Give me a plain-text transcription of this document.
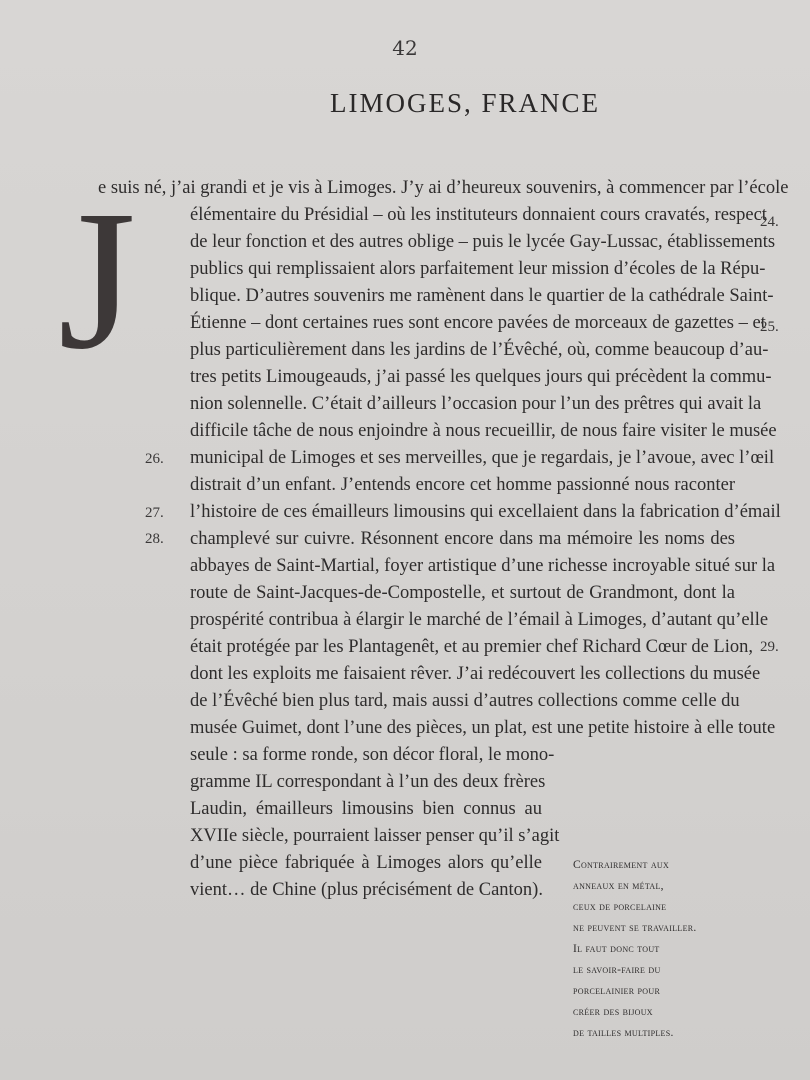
42
LIMOGES, FRANCE
J
e suis né, j’ai grandi et je vis à Limoges. J’y ai d’heureux souvenirs, à commencer par l’école
élémentaire du Présidial – où les instituteurs donnaient cours cravatés, respect
de leur fonction et des autres oblige – puis le lycée Gay-Lussac, établissements
publics qui remplissaient alors parfaitement leur mission d’écoles de la Répu-
blique. D’autres souvenirs me ramènent dans le quartier de la cathédrale Saint-
Étienne – dont certaines rues sont encore pavées de morceaux de gazettes – et
plus particulièrement dans les jardins de l’Évêché, où, comme beaucoup d’au-
tres petits Limougeauds, j’ai passé les quelques jours qui précèdent la commu-
nion solennelle. C’était d’ailleurs l’occasion pour l’un des prêtres qui avait la
difficile tâche de nous enjoindre à nous recueillir, de nous faire visiter le musée
municipal de Limoges et ses merveilles, que je regardais, je l’avoue, avec l’œil
distrait d’un enfant. J’entends encore cet homme passionné nous raconter
l’histoire de ces émailleurs limousins qui excellaient dans la fabrication d’émail
champlevé sur cuivre. Résonnent encore dans ma mémoire les noms des
abbayes de Saint-Martial, foyer artistique d’une richesse incroyable situé sur la
route de Saint-Jacques-de-Compostelle, et surtout de Grandmont, dont la
prospérité contribua à élargir le marché de l’émail à Limoges, d’autant qu’elle
était protégée par les Plantagenêt, et au premier chef Richard Cœur de Lion,
dont les exploits me faisaient rêver. J’ai redécouvert les collections du musée
de l’Évêché bien plus tard, mais aussi d’autres collections comme celle du
musée Guimet, dont l’une des pièces, un plat, est une petite histoire à elle toute
seule : sa forme ronde, son décor floral, le mono-
gramme IL correspondant à l’un des deux frères
Laudin, émailleurs limousins bien connus au
XVIIe siècle, pourraient laisser penser qu’il s’agit
d’une pièce fabriquée à Limoges alors qu’elle
vient… de Chine (plus précisément de Canton).
24.
25.
26.
27.
28.
29.
Contrairement aux
anneaux en métal,
ceux de porcelaine
ne peuvent se travailler.
Il faut donc tout
le savoir-faire du
porcelainier pour
créer des bijoux
de tailles multiples.
